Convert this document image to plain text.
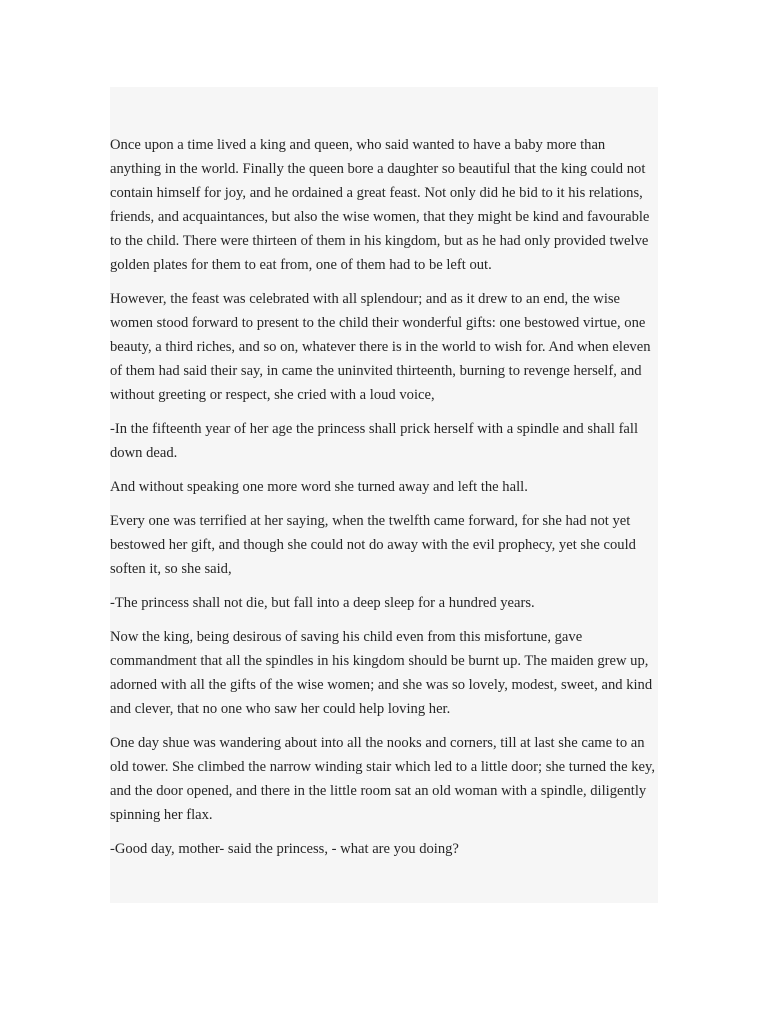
Once upon a time lived a king and queen, who said wanted to have a baby more than anything in the world. Finally the queen bore a daughter so beautiful that the king could not contain himself for joy, and he ordained a great feast. Not only did he bid to it his relations, friends, and acquaintances, but also the wise women, that they might be kind and favourable to the child. There were thirteen of them in his kingdom, but as he had only provided twelve golden plates for them to eat from, one of them had to be left out.

However, the feast was celebrated with all splendour; and as it drew to an end, the wise women stood forward to present to the child their wonderful gifts: one bestowed virtue, one beauty, a third riches, and so on, whatever there is in the world to wish for. And when eleven of them had said their say, in came the uninvited thirteenth, burning to revenge herself, and without greeting or respect, she cried with a loud voice,

-In the fifteenth year of her age the princess shall prick herself with a spindle and shall fall down dead.

And without speaking one more word she turned away and left the hall.

Every one was terrified at her saying, when the twelfth came forward, for she had not yet bestowed her gift, and though she could not do away with the evil prophecy, yet she could soften it, so she said,

-The princess shall not die, but fall into a deep sleep for a hundred years.

Now the king, being desirous of saving his child even from this misfortune, gave commandment that all the spindles in his kingdom should be burnt up. The maiden grew up, adorned with all the gifts of the wise women; and she was so lovely, modest, sweet, and kind and clever, that no one who saw her could help loving her.

One day shue was wandering about into all the nooks and corners, till at last she came to an old tower. She climbed the narrow winding stair which led to a little door; she turned the key, and the door opened, and there in the little room sat an old woman with a spindle, diligently spinning her flax.

-Good day, mother- said the princess, - what are you doing?
